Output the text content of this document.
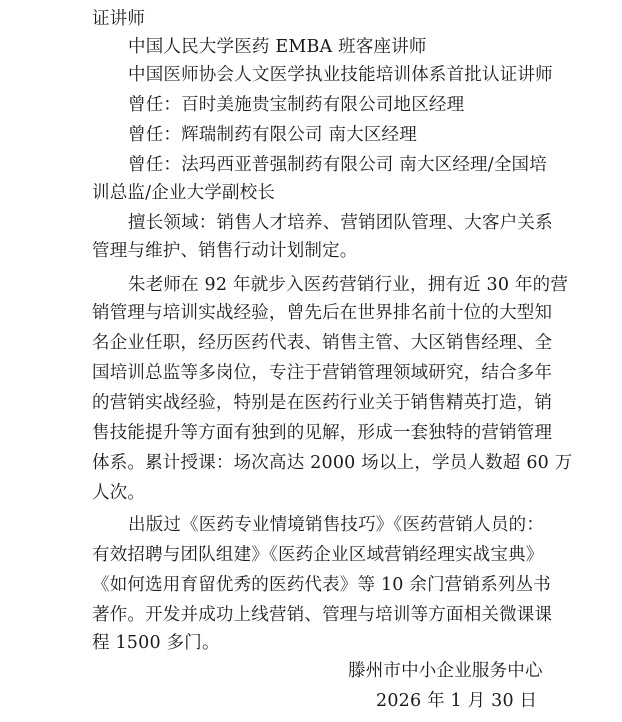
证讲师
中国人民大学医药 EMBA 班客座讲师
中国医师协会人文医学执业技能培训体系首批认证讲师
曾任：百时美施贵宝制药有限公司地区经理
曾任：辉瑞制药有限公司 南大区经理
曾任：法玛西亚普强制药有限公司 南大区经理/全国培
训总监/企业大学副校长
擅长领域：销售人才培养、营销团队管理、大客户关系
管理与维护、销售行动计划制定。
朱老师在 92 年就步入医药营销行业，拥有近 30 年的营
销管理与培训实战经验，曾先后在世界排名前十位的大型知
名企业任职，经历医药代表、销售主管、大区销售经理、全
国培训总监等多岗位，专注于营销管理领域研究，结合多年
的营销实战经验，特别是在医药行业关于销售精英打造，销
售技能提升等方面有独到的见解，形成一套独特的营销管理
体系。累计授课：场次高达 2000 场以上，学员人数超 60 万
人次。
出版过《医药专业情境销售技巧》《医药营销人员的：
有效招聘与团队组建》《医药企业区域营销经理实战宝典》
《如何选用育留优秀的医药代表》等 10 余门营销系列丛书
著作。开发并成功上线营销、管理与培训等方面相关微课课
程 1500 多门。
滕州市中小企业服务中心
2026 年 1 月 30 日
